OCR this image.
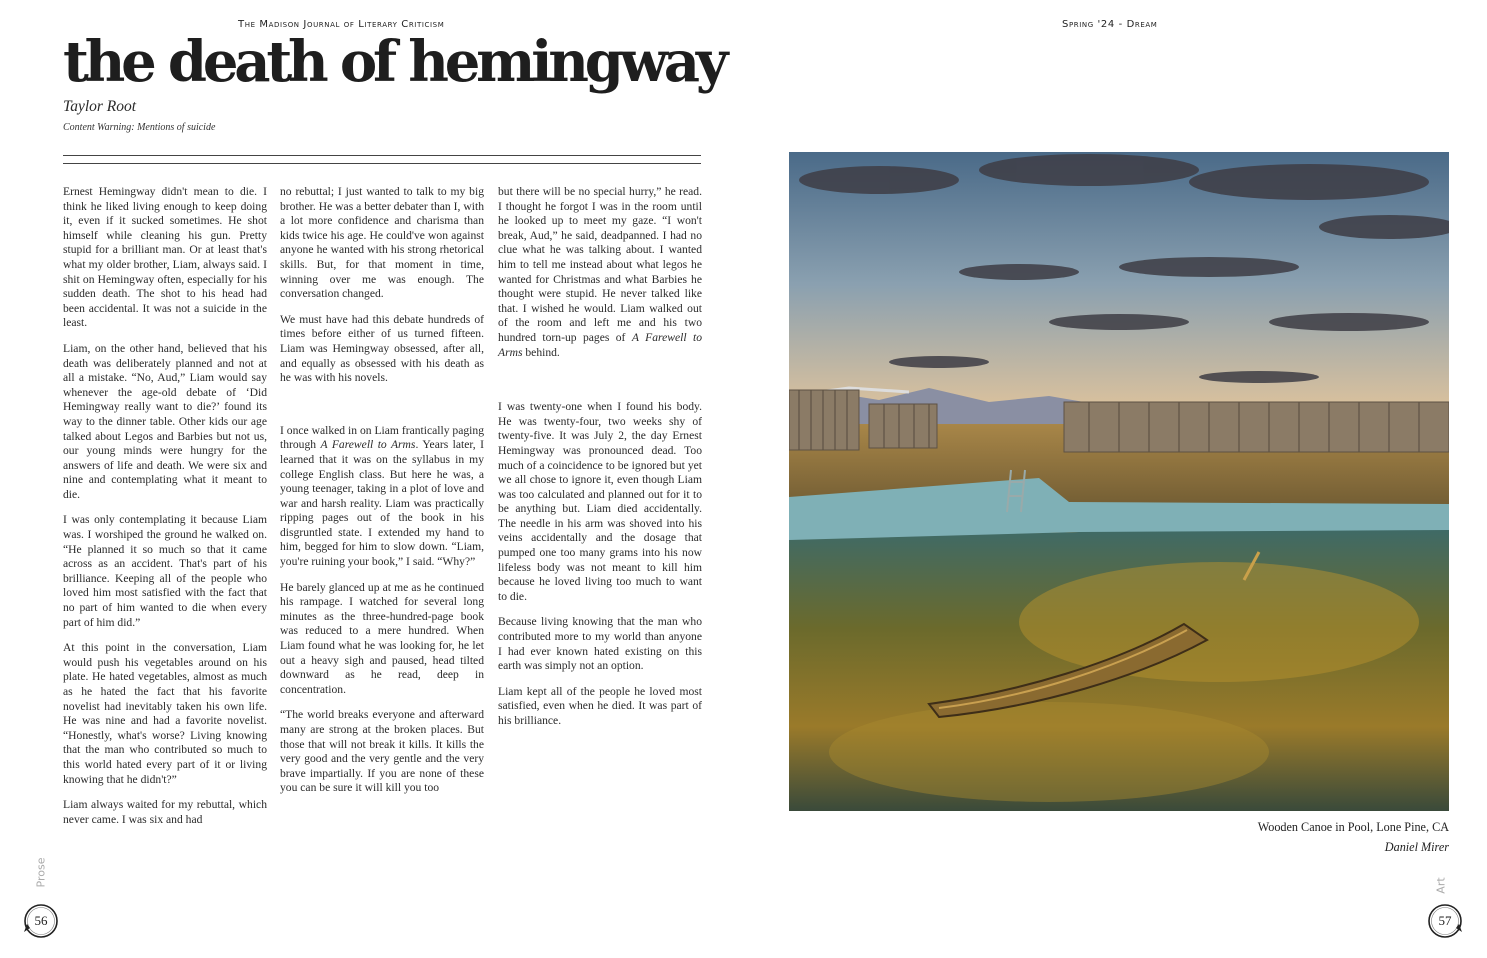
The Madison Journal of Literary Criticism	Spring '24 - Dream
the death of hemingway
Taylor Root
Content Warning: Mentions of suicide

Ernest Hemingway didn't mean to die. I think he liked living enough to keep doing it, even if it sucked sometimes. He shot himself while cleaning his gun. Pretty stupid for a brilliant man. Or at least that's what my older brother, Liam, always said. I shit on Hemingway often, especially for his sudden death. The shot to his head had been accidental. It was not a suicide in the least.

Liam, on the other hand, believed that his death was deliberately planned and not at all a mistake. “No, Aud,” Liam would say whenever the age-old debate of ‘Did Hemingway really want to die?’ found its way to the dinner table. Other kids our age talked about Legos and Barbies but not us, our young minds were hungry for the answers of life and death. We were six and nine and contemplating what it meant to die.

I was only contemplating it because Liam was. I worshiped the ground he walked on. “He planned it so much so that it came across as an accident. That's part of his brilliance. Keeping all of the people who loved him most satisfied with the fact that no part of him wanted to die when every part of him did.”

At this point in the conversation, Liam would push his vegetables around on his plate. He hated vegetables, almost as much as he hated the fact that his favorite novelist had inevitably taken his own life. He was nine and had a favorite novelist. “Honestly, what's worse? Living knowing that the man who contributed so much to this world hated every part of it or living knowing that he didn't?”

Liam always waited for my rebuttal, which never came. I was six and had

no rebuttal; I just wanted to talk to my big brother. He was a better debater than I, with a lot more confidence and charisma than kids twice his age. He could've won against anyone he wanted with his strong rhetorical skills. But, for that moment in time, winning over me was enough. The conversation changed.

We must have had this debate hundreds of times before either of us turned fifteen. Liam was Hemingway obsessed, after all, and equally as obsessed with his death as he was with his novels.

I once walked in on Liam frantically paging through A Farewell to Arms. Years later, I learned that it was on the syllabus in my college English class. But here he was, a young teenager, taking in a plot of love and war and harsh reality. Liam was practically ripping pages out of the book in his disgruntled state. I extended my hand to him, begged for him to slow down. “Liam, you're ruining your book,” I said. “Why?”

He barely glanced up at me as he continued his rampage. I watched for several long minutes as the three-hundred-page book was reduced to a mere hundred. When Liam found what he was looking for, he let out a heavy sigh and paused, head tilted downward as he read, deep in concentration.

“The world breaks everyone and afterward many are strong at the broken places. But those that will not break it kills. It kills the very good and the very gentle and the very brave impartially. If you are none of these you can be sure it will kill you too

but there will be no special hurry,” he read. I thought he forgot I was in the room until he looked up to meet my gaze. “I won't break, Aud,” he said, deadpanned. I had no clue what he was talking about. I wanted him to tell me instead about what legos he wanted for Christmas and what Barbies he thought were stupid. He never talked like that. I wished he would. Liam walked out of the room and left me and his two hundred torn-up pages of A Farewell to Arms behind.

I was twenty-one when I found his body. He was twenty-four, two weeks shy of twenty-five. It was July 2, the day Ernest Hemingway was pronounced dead. Too much of a coincidence to be ignored but yet we all chose to ignore it, even though Liam was too calculated and planned out for it to be anything but. Liam died accidentally. The needle in his arm was shoved into his veins accidentally and the dosage that pumped one too many grams into his now lifeless body was not meant to kill him because he loved living too much to want to die.

Because living knowing that the man who contributed more to my world than anyone I had ever known hated existing on this earth was simply not an option.

Liam kept all of the people he loved most satisfied, even when he died. It was part of his brilliance.

Wooden Canoe in Pool, Lone Pine, CA
Daniel Mirer
Prose	Art
56	57
